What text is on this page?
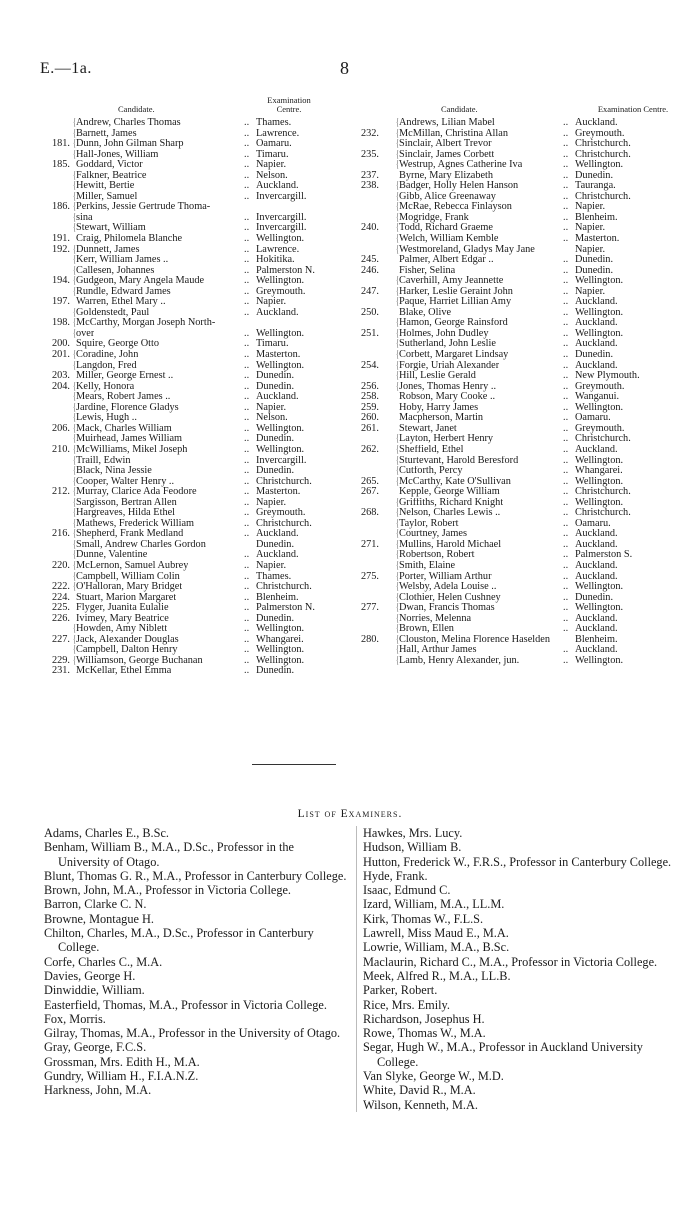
E.—1a.	8
Candidate.
Examination Centre.
{ Andrew, Charles Thomas	.. Thames.
{ Barnett, James	.. Lawrence.
181. { Dunn, John Gilman Sharp	.. Oamaru.
{ Hall-Jones, William	.. Timaru.
185. Goddard, Victor	.. Napier.
{ Falkner, Beatrice	.. Nelson.
{ Hewitt, Bertie	.. Auckland.
{ Miller, Samuel	.. Invercargill.
186. { Perkins, Jessie Gertrude Thoma-
{ sina	.. Invercargill.
{ Stewart, William	.. Invercargill.
191. Craig, Philomela Blanche	.. Wellington.
192. { Dunnett, James	.. Lawrence.
{ Kerr, William James ..	.. Hokitika.
{ Callesen, Johannes	.. Palmerston N.
194. { Gudgeon, Mary Angela Maude	.. Wellington.
{ Rundle, Edward James	.. Greymouth.
197. Warren, Ethel Mary ..	.. Napier.
{ Goldenstedt, Paul	.. Auckland.
198. { McCarthy, Morgan Joseph North-
{ over	.. Wellington.
200. Squire, George Otto	.. Timaru.
201. { Coradine, John	.. Masterton.
{ Langdon, Fred	.. Wellington.
203. Miller, George Ernest ..	.. Dunedin.
204. { Kelly, Honora	.. Dunedin.
{ Mears, Robert James ..	.. Auckland.
{ Jardine, Florence Gladys	.. Napier.
{ Lewis, Hugh ..	.. Nelson.
206. { Mack, Charles William	.. Wellington.
{ Muirhead, James William	.. Dunedin.
210. { McWilliams, Mikel Joseph	.. Wellington.
{ Traill, Edwin	.. Invercargill.
{ Black, Nina Jessie	.. Dunedin.
{ Cooper, Walter Henry ..	.. Christchurch.
212. { Murray, Clarice Ada Feodore	.. Masterton.
{ Sargisson, Bertran Allen	.. Napier.
{ Hargreaves, Hilda Ethel	.. Greymouth.
{ Mathews, Frederick William	.. Christchurch.
216. { Shepherd, Frank Medland	.. Auckland.
{ Small, Andrew Charles Gordon	Dunedin.
{ Dunne, Valentine	.. Auckland.
220. { McLernon, Samuel Aubrey	.. Napier.
{ Campbell, William Colin	.. Thames.
222. { O'Halloran, Mary Bridget	.. Christchurch.
224. Stuart, Marion Margaret	.. Blenheim.
225. Flyger, Juanita Eulalie	.. Palmerston N.
226. Ivimey, Mary Beatrice	.. Dunedin.
{ Howden, Amy Niblett	.. Wellington.
227. { Jack, Alexander Douglas	.. Whangarei.
{ Campbell, Dalton Henry	.. Wellington.
229. { Williamson, George Buchanan	.. Wellington.
231. McKellar, Ethel Emma	.. Dunedin.
Candidate.	Examination Centre.
{ Andrews, Lilian Mabel	.. Auckland.
232. { McMillan, Christina Allan	.. Greymouth.
{ Sinclair, Albert Trevor	.. Christchurch.
235. { Sinclair, James Corbett	.. Christchurch.
{ Westrup, Agnes Catherine Iva	.. Wellington.
237. Byrne, Mary Elizabeth	.. Dunedin.
238. { Badger, Holly Helen Hanson	.. Tauranga.
{ Gibb, Alice Greenaway	.. Christchurch.
{ McRae, Rebecca Finlayson	.. Napier.
{ Mogridge, Frank	.. Blenheim.
240. { Todd, Richard Graeme	.. Napier.
{ Welch, William Kemble	.. Masterton.
{ Westmoreland, Gladys May Jane	Napier.
245. Palmer, Albert Edgar ..	.. Dunedin.
246. Fisher, Selina	.. Dunedin.
{ Caverhill, Amy Jeannette	.. Wellington.
247. { Harker, Leslie Geraint John	.. Napier.
{ Paque, Harriet Lillian Amy	.. Auckland.
250. Blake, Olive	.. Wellington.
{ Hamon, George Rainsford	.. Auckland.
251. { Holmes, John Dudley	.. Wellington.
{ Sutherland, John Leslie	.. Auckland.
{ Corbett, Margaret Lindsay	.. Dunedin.
254. { Forgie, Uriah Alexander	.. Auckland.
{ Hill, Leslie Gerald	.. New Plymouth.
256. { Jones, Thomas Henry ..	.. Greymouth.
258. Robson, Mary Cooke ..	.. Wanganui.
259. Hoby, Harry James	.. Wellington.
260. Macpherson, Martin	.. Oamaru.
261. Stewart, Janet	.. Greymouth.
{ Layton, Herbert Henry	.. Christchurch.
262. { Sheffield, Ethel	.. Auckland.
{ Sturtevant, Harold Beresford	.. Wellington.
{ Cutforth, Percy	.. Whangarei.
265. { McCarthy, Kate O'Sullivan	.. Wellington.
267. Kepple, George William	.. Christchurch.
{ Griffiths, Richard Knight	.. Wellington.
268. { Nelson, Charles Lewis ..	.. Christchurch.
{ Taylor, Robert	.. Oamaru.
{ Courtney, James	.. Auckland.
271. { Mullins, Harold Michael	.. Auckland.
{ Robertson, Robert	.. Palmerston S.
{ Smith, Elaine	.. Auckland.
275. { Porter, William Arthur	.. Auckland.
{ Welsby, Adela Louise ..	.. Wellington.
{ Clothier, Helen Cushney	.. Dunedin.
277. { Dwan, Francis Thomas	.. Wellington.
{ Norries, Melenna	.. Auckland.
{ Brown, Ellen	.. Auckland.
280. { Clouston, Melina Florence Haselden Blenheim.
{ Hall, Arthur James	.. Auckland.
{ Lamb, Henry Alexander, jun.	.. Wellington.
List of Examiners.
Adams, Charles E., B.Sc.
Benham, William B., M.A., D.Sc., Professor in the University of Otago.
Blunt, Thomas G. R., M.A., Professor in Canterbury College.
Brown, John, M.A., Professor in Victoria College.
Barron, Clarke C. N.
Browne, Montague H.
Chilton, Charles, M.A., D.Sc., Professor in Canterbury College.
Corfe, Charles C., M.A.
Davies, George H.
Dinwiddie, William.
Easterfield, Thomas, M.A., Professor in Victoria College.
Fox, Morris.
Gilray, Thomas, M.A., Professor in the University of Otago.
Gray, George, F.C.S.
Grossman, Mrs. Edith H., M.A.
Gundry, William H., F.I.A.N.Z.
Harkness, John, M.A.
Hawkes, Mrs. Lucy.
Hudson, William B.
Hutton, Frederick W., F.R.S., Professor in Canterbury College.
Hyde, Frank.
Isaac, Edmund C.
Izard, William, M.A., LL.M.
Kirk, Thomas W., F.L.S.
Lawrell, Miss Maud E., M.A.
Lowrie, William, M.A., B.Sc.
Maclaurin, Richard C., M.A., Professor in Victoria College.
Meek, Alfred R., M.A., LL.B.
Parker, Robert.
Rice, Mrs. Emily.
Richardson, Josephus H.
Rowe, Thomas W., M.A.
Segar, Hugh W., M.A., Professor in Auckland University College.
Van Slyke, George W., M.D.
White, David R., M.A.
Wilson, Kenneth, M.A.
